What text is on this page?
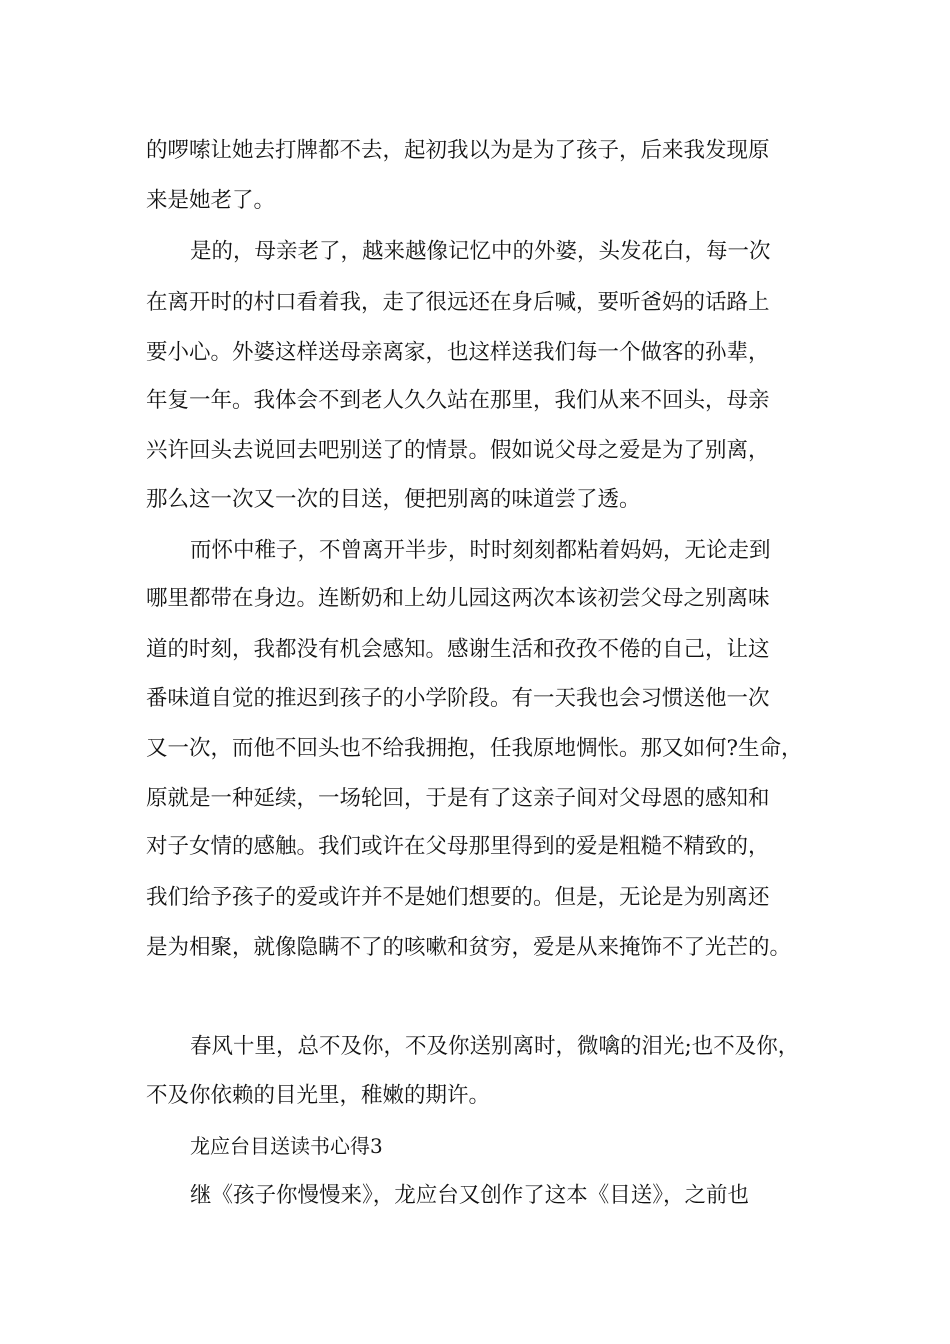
的啰嗦让她去打牌都不去，起初我以为是为了孩子，后来我发现原

来是她老了。

是的，母亲老了，越来越像记忆中的外婆，头发花白，每一次

在离开时的村口看着我，走了很远还在身后喊，要听爸妈的话路上

要小心。外婆这样送母亲离家，也这样送我们每一个做客的孙辈，

年复一年。我体会不到老人久久站在那里，我们从来不回头，母亲

兴许回头去说回去吧别送了的情景。假如说父母之爱是为了别离，

那么这一次又一次的目送，便把别离的味道尝了透。

而怀中稚子，不曾离开半步，时时刻刻都粘着妈妈，无论走到

哪里都带在身边。连断奶和上幼儿园这两次本该初尝父母之别离味

道的时刻，我都没有机会感知。感谢生活和孜孜不倦的自己，让这

番味道自觉的推迟到孩子的小学阶段。有一天我也会习惯送他一次

又一次，而他不回头也不给我拥抱，任我原地惆怅。那又如何?生命，

原就是一种延续，一场轮回，于是有了这亲子间对父母恩的感知和

对子女情的感触。我们或许在父母那里得到的爱是粗糙不精致的，

我们给予孩子的爱或许并不是她们想要的。但是，无论是为别离还

是为相聚，就像隐瞒不了的咳嗽和贫穷，爱是从来掩饰不了光芒的。

春风十里，总不及你，不及你送别离时，微噙的泪光;也不及你，

不及你依赖的目光里，稚嫩的期许。

龙应台目送读书心得3

继《孩子你慢慢来》，龙应台又创作了这本《目送》，之前也
